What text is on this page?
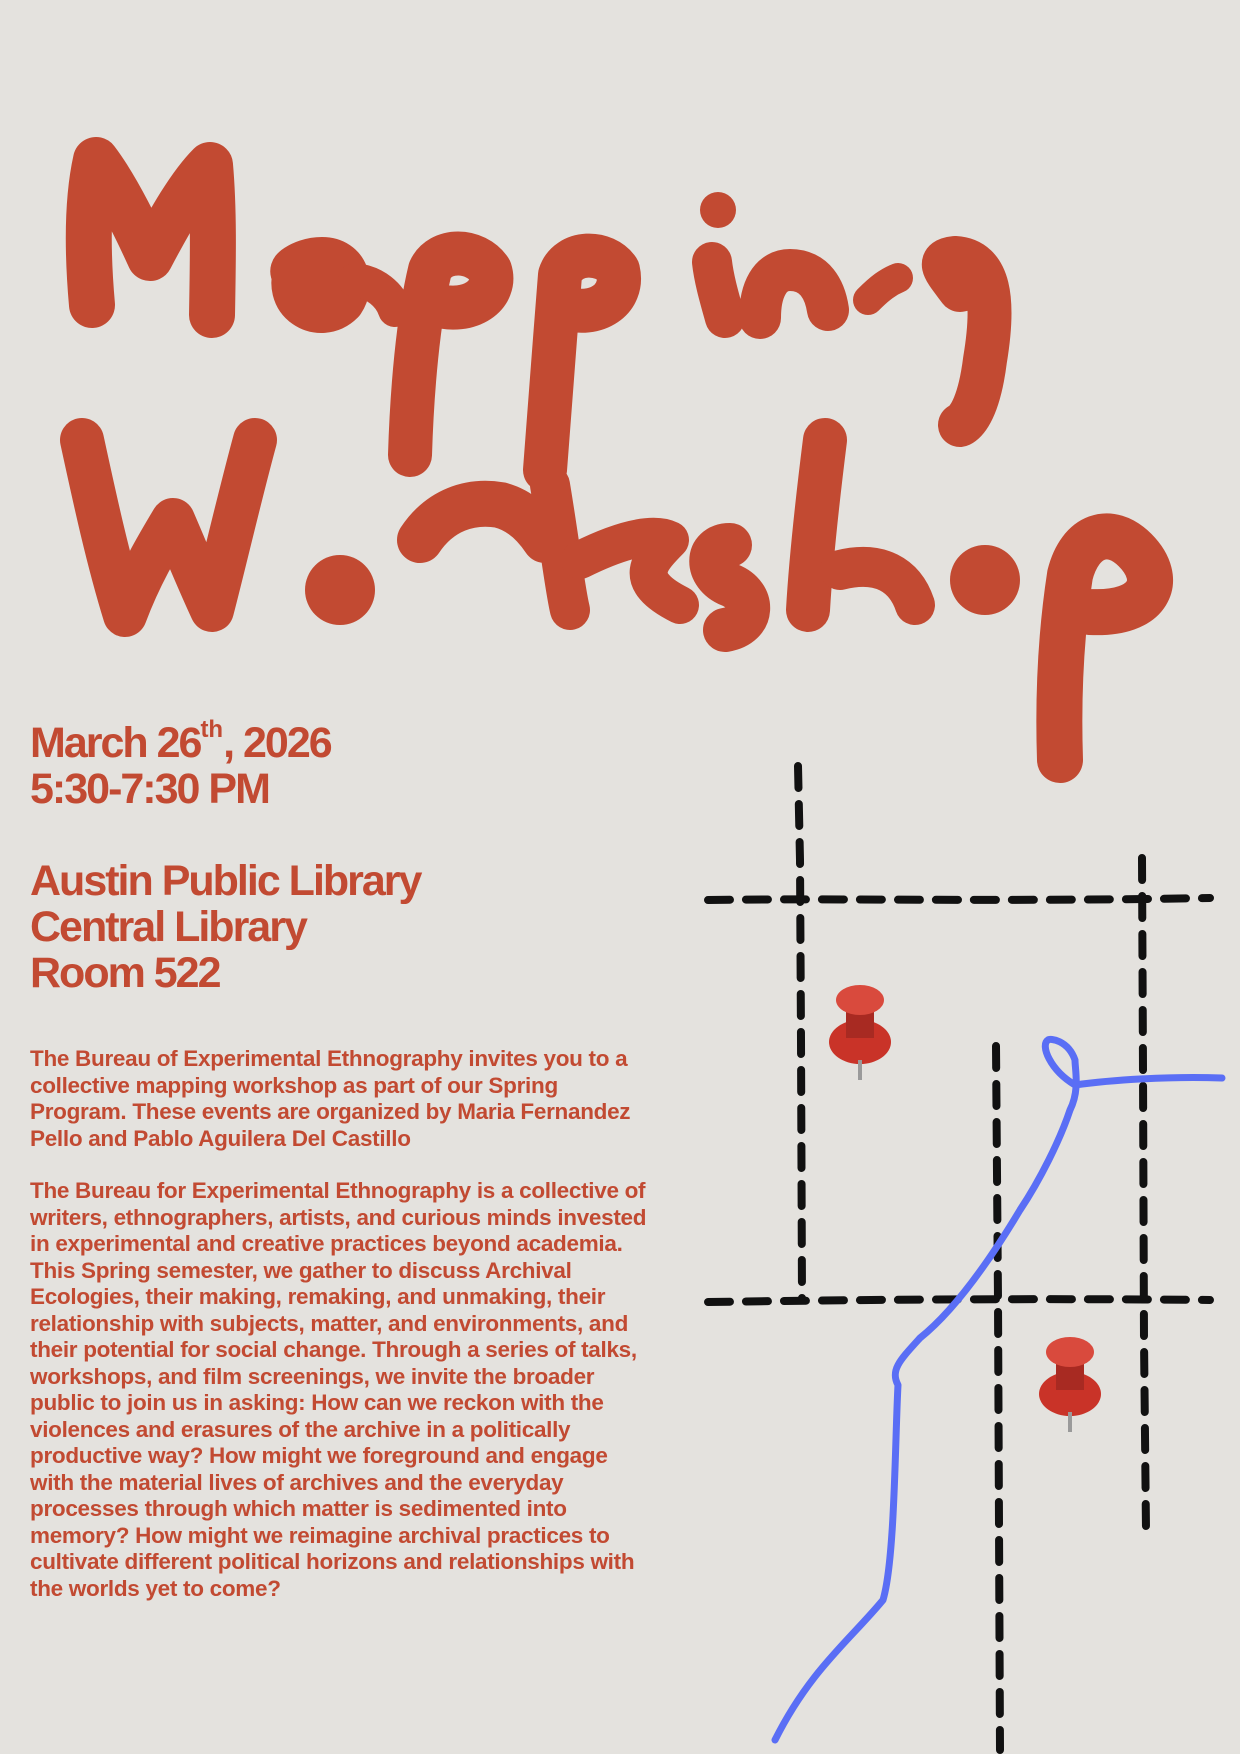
March 26th, 2026

5:30-7:30 PM

Austin Public Library

Central Library

Room 522

The Bureau of Experimental Ethnography invites you to a collective mapping workshop as part of our Spring Program. These events are organized by Maria Fernandez Pello and Pablo Aguilera Del Castillo

The Bureau for Experimental Ethnography is a collective of writers, ethnographers, artists, and curious minds invested in experimental and creative practices beyond academia. This Spring semester, we gather to discuss Archival Ecologies, their making, remaking, and unmaking, their relationship with subjects, matter, and environments, and their potential for social change. Through a series of talks, workshops, and film screenings, we invite the broader public to join us in asking: How can we reckon with the violences and erasures of the archive in a politically productive way? How might we foreground and engage with the material lives of archives and the everyday processes through which matter is sedimented into memory? How might we reimagine archival practices to cultivate different political horizons and relationships with the worlds yet to come?
